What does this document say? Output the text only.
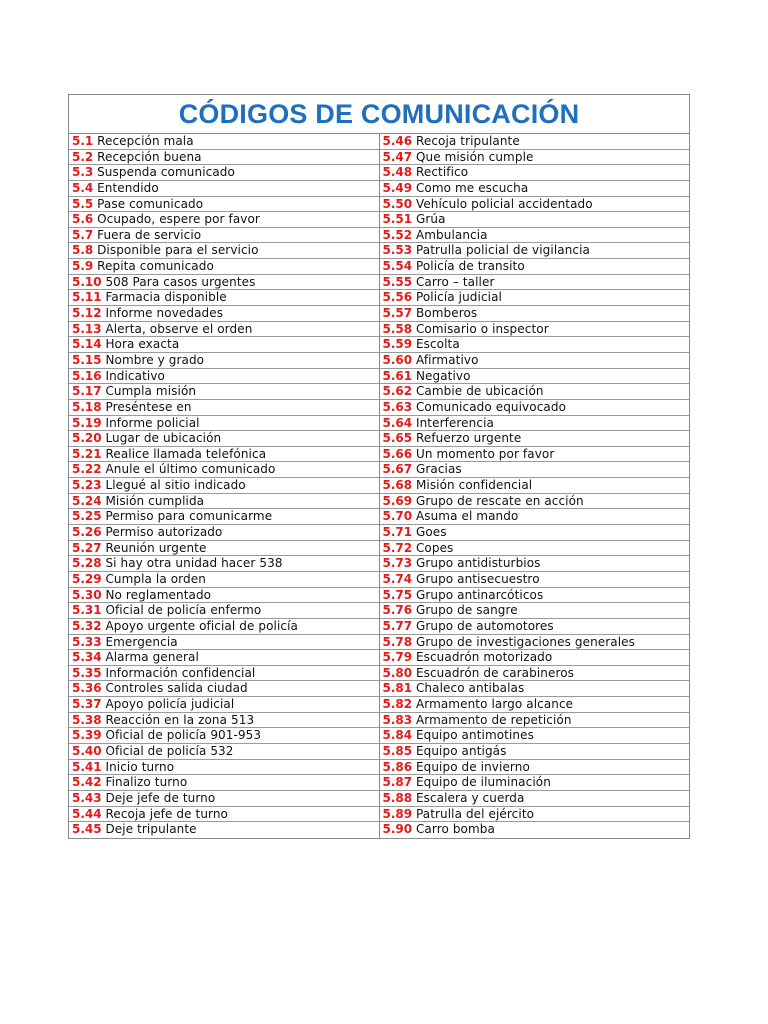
CÓDIGOS DE COMUNICACIÓN
5.1 Recepción mala
5.2 Recepción buena
5.3 Suspenda comunicado
5.4 Entendido
5.5 Pase comunicado
5.6 Ocupado, espere por favor
5.7 Fuera de servicio
5.8 Disponible para el servicio
5.9 Repita comunicado
5.10 508 Para casos urgentes
5.11 Farmacia disponible
5.12 Informe novedades
5.13 Alerta, observe el orden
5.14 Hora exacta
5.15 Nombre y grado
5.16 Indicativo
5.17 Cumpla misión
5.18 Preséntese en
5.19 Informe policial
5.20 Lugar de ubicación
5.21 Realice llamada telefónica
5.22 Anule el último comunicado
5.23 Llegué al sitio indicado
5.24 Misión cumplida
5.25 Permiso para comunicarme
5.26 Permiso autorizado
5.27 Reunión urgente
5.28 Si hay otra unidad hacer 538
5.29 Cumpla la orden
5.30 No reglamentado
5.31 Oficial de policía enfermo
5.32 Apoyo urgente oficial de policía
5.33 Emergencia
5.34 Alarma general
5.35 Información confidencial
5.36 Controles salida ciudad
5.37 Apoyo policía judicial
5.38 Reacción en la zona 513
5.39 Oficial de policía 901-953
5.40 Oficial de policía 532
5.41 Inicio turno
5.42 Finalizo turno
5.43 Deje jefe de turno
5.44 Recoja jefe de turno
5.45 Deje tripulante
5.46 Recoja tripulante
5.47 Que misión cumple
5.48 Rectifico
5.49 Como me escucha
5.50 Vehículo policial accidentado
5.51 Grúa
5.52 Ambulancia
5.53 Patrulla policial de vigilancia
5.54 Policía de transito
5.55 Carro – taller
5.56 Policía judicial
5.57 Bomberos
5.58 Comisario o inspector
5.59 Escolta
5.60 Afirmativo
5.61 Negativo
5.62 Cambie de ubicación
5.63 Comunicado equivocado
5.64 Interferencia
5.65 Refuerzo urgente
5.66 Un momento por favor
5.67 Gracias
5.68 Misión confidencial
5.69 Grupo de rescate en acción
5.70 Asuma el mando
5.71 Goes
5.72 Copes
5.73 Grupo antidisturbios
5.74 Grupo antisecuestro
5.75 Grupo antinarcóticos
5.76 Grupo de sangre
5.77 Grupo de automotores
5.78 Grupo de investigaciones generales
5.79 Escuadrón motorizado
5.80 Escuadrón de carabineros
5.81 Chaleco antibalas
5.82 Armamento largo alcance
5.83 Armamento de repetición
5.84 Equipo antimotines
5.85 Equipo antigás
5.86 Equipo de invierno
5.87 Equipo de iluminación
5.88 Escalera y cuerda
5.89 Patrulla del ejército
5.90 Carro bomba
